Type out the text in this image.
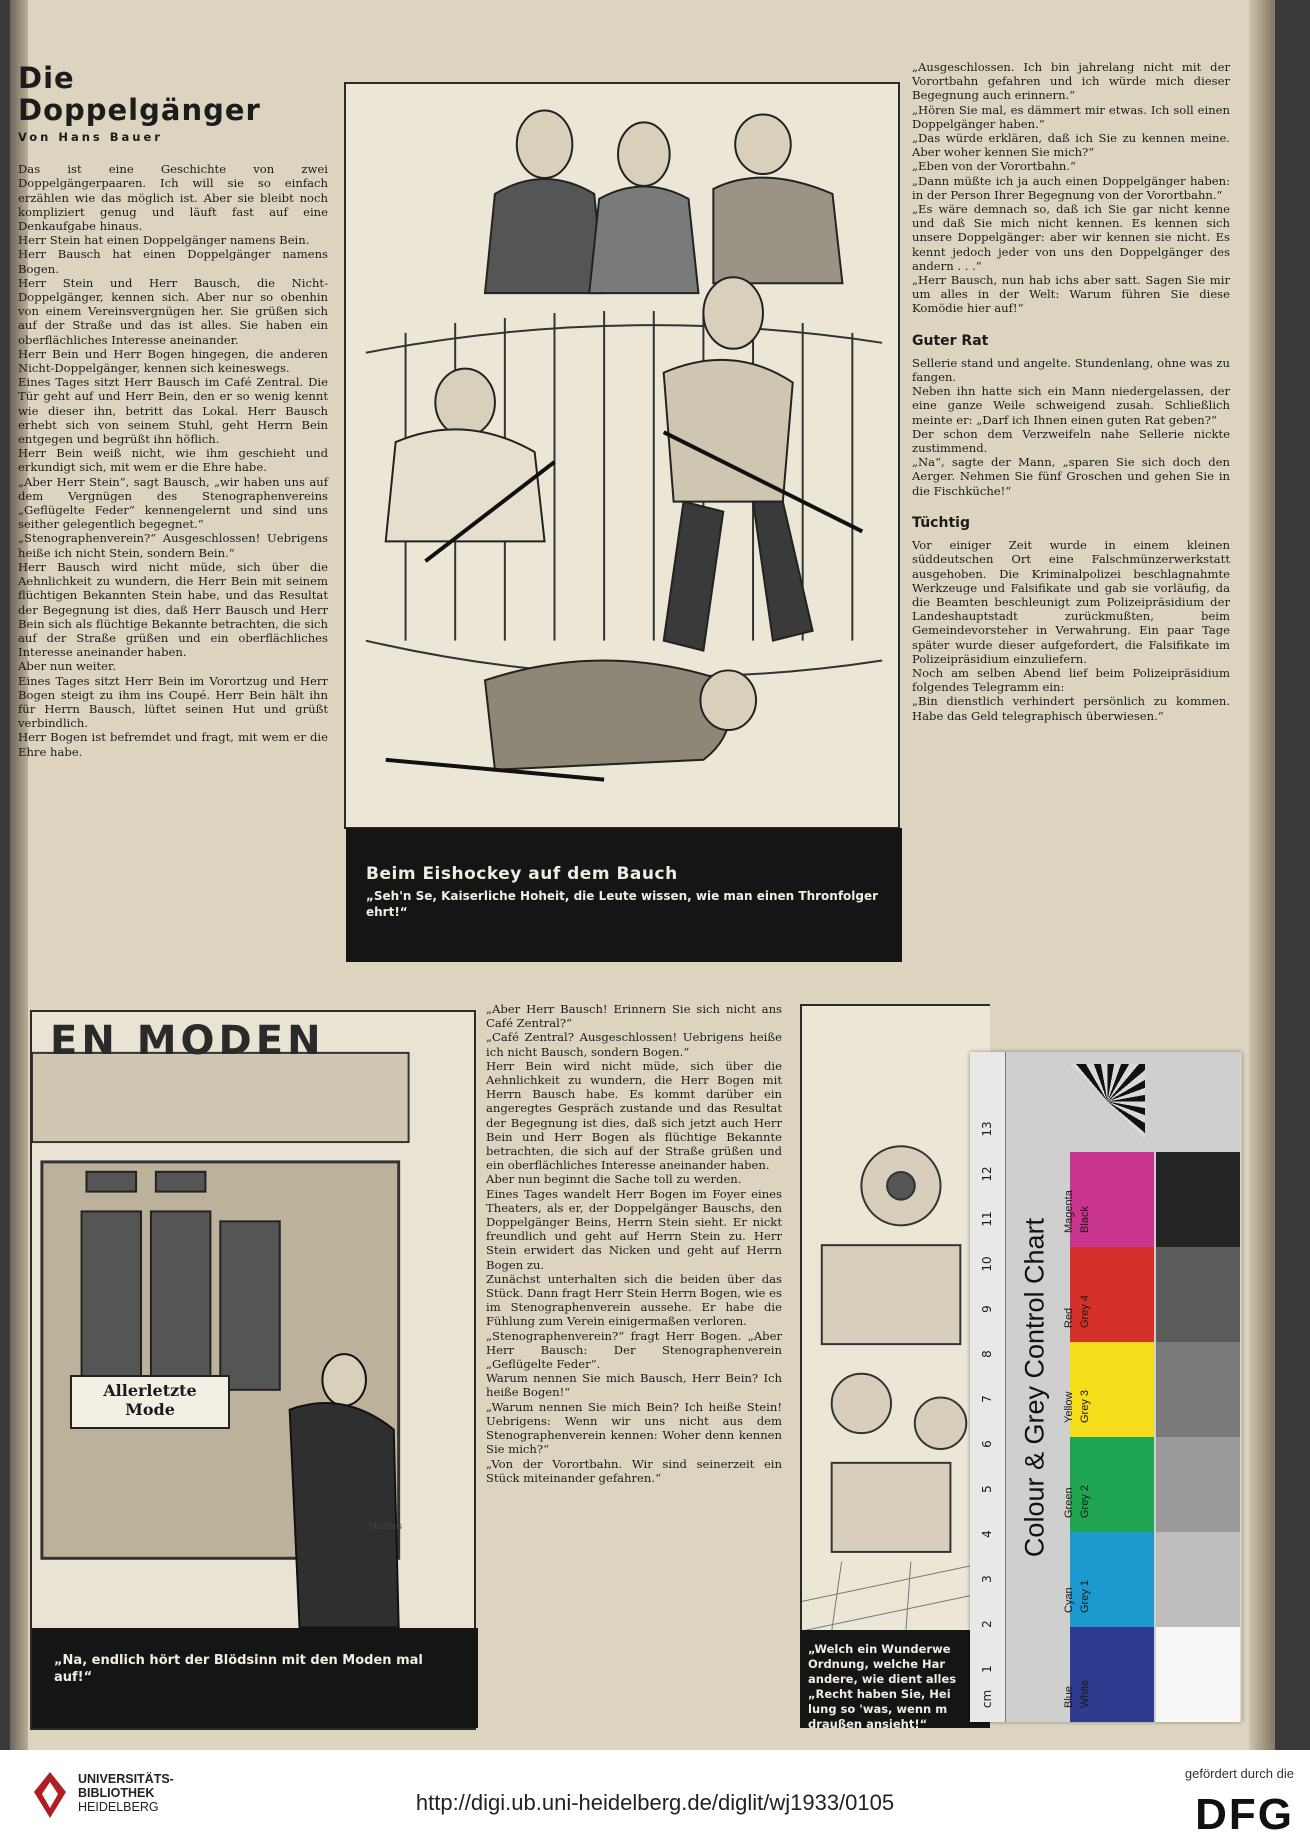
Die Doppelgänger
Von Hans Bauer

Das ist eine Geschichte von zwei Doppelgängerpaaren. Ich will sie so einfach erzählen wie das möglich ist. Aber sie bleibt noch kompliziert genug und läuft fast auf eine Denkaufgabe hinaus.

Herr Stein hat einen Doppelgänger namens Bein.

Herr Bausch hat einen Doppelgänger namens Bogen.

Herr Stein und Herr Bausch, die Nicht-Doppelgänger, kennen sich. Aber nur so obenhin von einem Vereinsvergnügen her. Sie grüßen sich auf der Straße und das ist alles. Sie haben ein oberflächliches Interesse aneinander.

Herr Bein und Herr Bogen hingegen, die anderen Nicht-Doppelgänger, kennen sich keineswegs.

Eines Tages sitzt Herr Bausch im Café Zentral. Die Tür geht auf und Herr Bein, den er so wenig kennt wie dieser ihn, betritt das Lokal. Herr Bausch erhebt sich von seinem Stuhl, geht Herrn Bein entgegen und begrüßt ihn höflich.

Herr Bein weiß nicht, wie ihm geschieht und erkundigt sich, mit wem er die Ehre habe.

„Aber Herr Stein“, sagt Bausch, „wir haben uns auf dem Vergnügen des Stenographenvereins „Geflügelte Feder“ kennengelernt und sind uns seither gelegentlich begegnet.“

„Stenographenverein?“ Ausgeschlossen! Uebrigens heiße ich nicht Stein, sondern Bein.“

Herr Bausch wird nicht müde, sich über die Aehnlichkeit zu wundern, die Herr Bein mit seinem flüchtigen Bekannten Stein habe, und das Resultat der Begegnung ist dies, daß Herr Bausch und Herr Bein sich als flüchtige Bekannte betrachten, die sich auf der Straße grüßen und ein oberflächliches Interesse aneinander haben.

Aber nun weiter.

Eines Tages sitzt Herr Bein im Vorortzug und Herr Bogen steigt zu ihm ins Coupé. Herr Bein hält ihn für Herrn Bausch, lüftet seinen Hut und grüßt verbindlich.

Herr Bogen ist befremdet und fragt, mit wem er die Ehre habe.

Beim Eishockey auf dem Bauch
„Seh'n Se, Kaiserliche Hoheit, die Leute wissen, wie man einen Thronfolger ehrt!“

„Ausgeschlossen. Ich bin jahrelang nicht mit der Vorortbahn gefahren und ich würde mich dieser Begegnung auch erinnern.“

„Hören Sie mal, es dämmert mir etwas. Ich soll einen Doppelgänger haben.“

„Das würde erklären, daß ich Sie zu kennen meine. Aber woher kennen Sie mich?“

„Eben von der Vorortbahn.“

„Dann müßte ich ja auch einen Doppelgänger haben: in der Person Ihrer Begegnung von der Vorortbahn.“

„Es wäre demnach so, daß ich Sie gar nicht kenne und daß Sie mich nicht kennen. Es kennen sich unsere Doppelgänger: aber wir kennen sie nicht. Es kennt jedoch jeder von uns den Doppelgänger des andern . . .“

„Herr Bausch, nun hab ichs aber satt. Sagen Sie mir um alles in der Welt: Warum führen Sie diese Komödie hier auf!“

Guter Rat

Sellerie stand und angelte. Stundenlang, ohne was zu fangen.

Neben ihn hatte sich ein Mann niedergelassen, der eine ganze Weile schweigend zusah. Schließlich meinte er: „Darf ich Ihnen einen guten Rat geben?“

Der schon dem Verzweifeln nahe Sellerie nickte zustimmend.

„Na“, sagte der Mann, „sparen Sie sich doch den Aerger. Nehmen Sie fünf Groschen und gehen Sie in die Fischküche!“

Tüchtig

Vor einiger Zeit wurde in einem kleinen süddeutschen Ort eine Falschmünzerwerkstatt ausgehoben. Die Kriminalpolizei beschlagnahmte Werkzeuge und Falsifikate und gab sie vorläufig, da die Beamten beschleunigt zum Polizeipräsidium der Landeshauptstadt zurückmußten, beim Gemeindevorsteher in Verwahrung. Ein paar Tage später wurde dieser aufgefordert, die Falsifikate im Polizeipräsidium einzuliefern.

Noch am selben Abend lief beim Polizeipräsidium folgendes Telegramm ein:

„Bin dienstlich verhindert persönlich zu kommen. Habe das Geld telegraphisch überwiesen.“

EN MODEN
Allerletzte Mode
Mathes
„Na, endlich hört der Blödsinn mit den Moden mal auf!“

„Aber Herr Bausch! Erinnern Sie sich nicht ans Café Zentral?“

„Café Zentral? Ausgeschlossen! Uebrigens heiße ich nicht Bausch, sondern Bogen.“

Herr Bein wird nicht müde, sich über die Aehnlichkeit zu wundern, die Herr Bogen mit Herrn Bausch habe. Es kommt darüber ein angeregtes Gespräch zustande und das Resultat der Begegnung ist dies, daß sich jetzt auch Herr Bein und Herr Bogen als flüchtige Bekannte betrachten, die sich auf der Straße grüßen und ein oberflächliches Interesse aneinander haben.

Aber nun beginnt die Sache toll zu werden.

Eines Tages wandelt Herr Bogen im Foyer eines Theaters, als er, der Doppelgänger Bauschs, den Doppelgänger Beins, Herrn Stein sieht. Er nickt freundlich und geht auf Herrn Stein zu. Herr Stein erwidert das Nicken und geht auf Herrn Bogen zu.

Zunächst unterhalten sich die beiden über das Stück. Dann fragt Herr Stein Herrn Bogen, wie es im Stenographenverein aussehe. Er habe die Fühlung zum Verein einigermaßen verloren.

„Stenographenverein?“ fragt Herr Bogen. „Aber Herr Bausch: Der Stenographenverein „Geflügelte Feder“.

Warum nennen Sie mich Bausch, Herr Bein? Ich heiße Bogen!“

„Warum nennen Sie mich Bein? Ich heiße Stein! Uebrigens: Wenn wir uns nicht aus dem Stenographenverein kennen: Woher denn kennen Sie mich?“

„Von der Vorortbahn. Wir sind seinerzeit ein Stück miteinander gefahren.“

„Welch ein Wunderwe
Ordnung, welche Har
andere, wie dient alles
„Recht haben Sie, Hei
lung so 'was, wenn m
draußen ansieht!“
1
2
3
4
5
6
7
8
9
10
11
12
13
cm
Colour & Grey Control Chart
Blue White
Cyan Grey 1
Green Grey 2
Yellow Grey 3
Red Grey 4
Magenta Black
UNIVERSITÄTS-
BIBLIOTHEK
HEIDELBERG	http://digi.ub.uni-heidelberg.de/diglit/wj1933/0105
gefördert durch die
DFG
